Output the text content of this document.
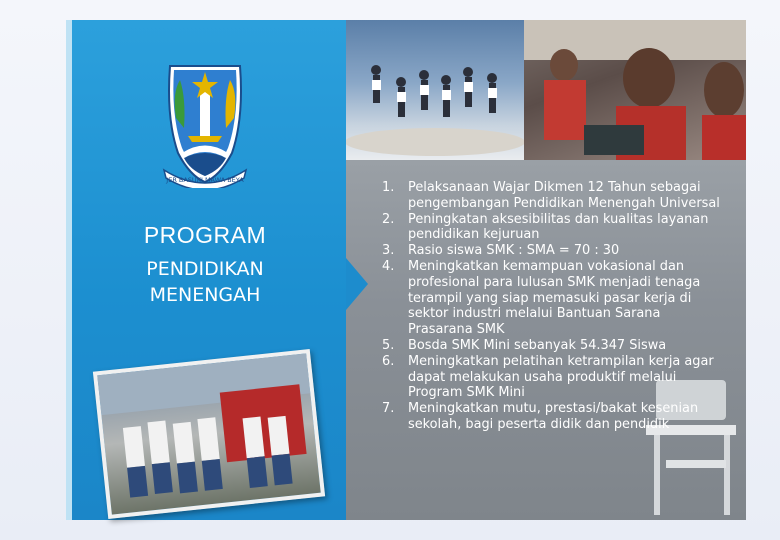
JER BASUKI MAWA BEYA
PROGRAM
PENDIDIKAN MENENGAH
1. Pelaksanaan Wajar Dikmen 12 Tahun sebagai pengembangan Pendidikan Menengah Universal
2. Peningkatan aksesibilitas dan kualitas layanan pendidikan kejuruan
3. Rasio siswa SMK : SMA = 70 : 30
4. Meningkatkan kemampuan vokasional dan profesional para lulusan SMK menjadi tenaga terampil yang siap memasuki pasar kerja di sektor industri melalui Bantuan Sarana Prasarana SMK
5. Bosda SMK Mini sebanyak 54.347 Siswa
6. Meningkatkan pelatihan ketrampilan kerja agar dapat melakukan usaha produktif melalui Program SMK Mini
7. Meningkatkan mutu, prestasi/bakat kesenian sekolah, bagi peserta didik dan pendidik
